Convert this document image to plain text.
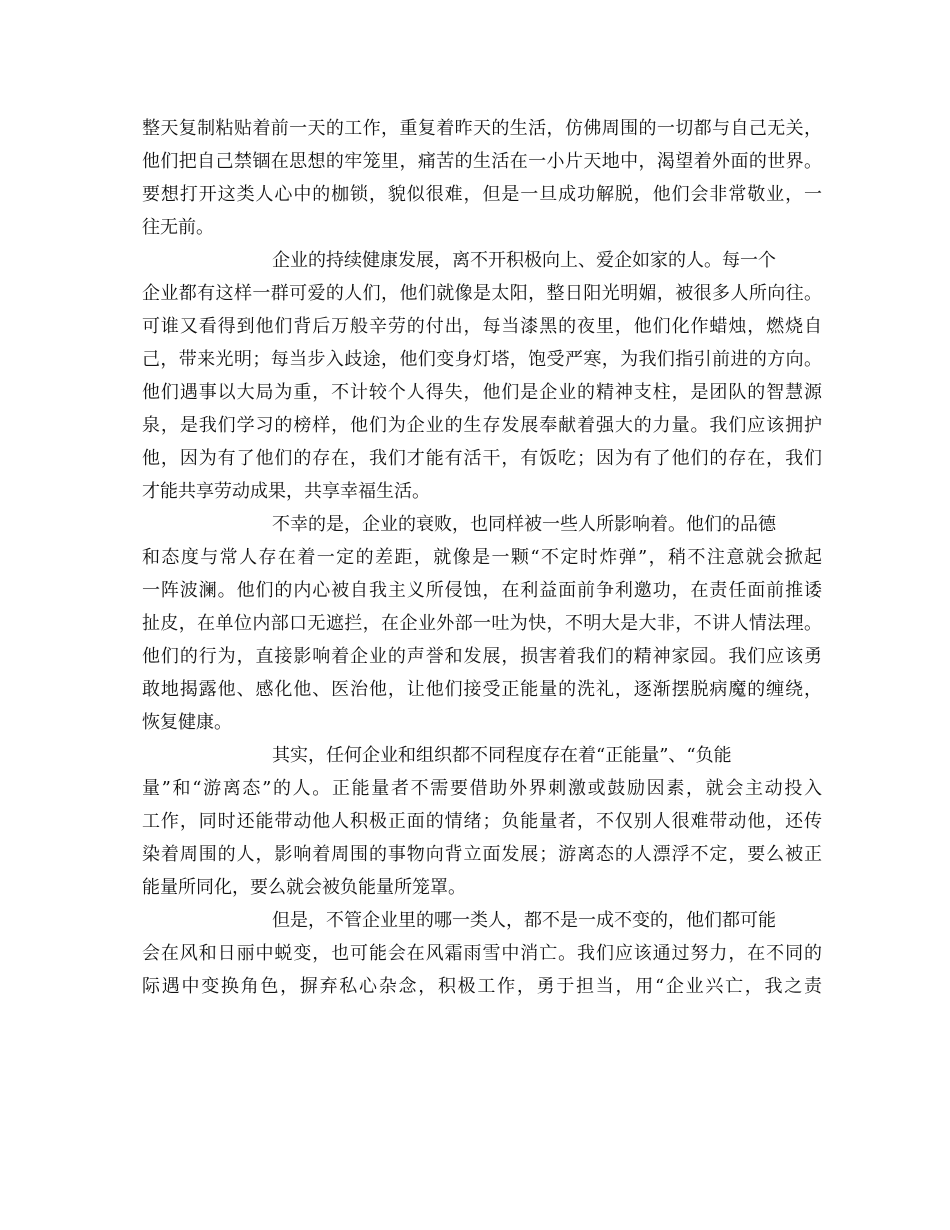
整天复制粘贴着前一天的工作，重复着昨天的生活，仿佛周围的一切都与自己无关，
他们把自己禁锢在思想的牢笼里，痛苦的生活在一小片天地中，渴望着外面的世界。
要想打开这类人心中的枷锁，貌似很难，但是一旦成功解脱，他们会非常敬业，一
往无前。
企业的持续健康发展，离不开积极向上、爱企如家的人。每一个
企业都有这样一群可爱的人们，他们就像是太阳，整日阳光明媚，被很多人所向往。
可谁又看得到他们背后万般辛劳的付出，每当漆黑的夜里，他们化作蜡烛，燃烧自
己，带来光明；每当步入歧途，他们变身灯塔，饱受严寒，为我们指引前进的方向。
他们遇事以大局为重，不计较个人得失，他们是企业的精神支柱，是团队的智慧源
泉，是我们学习的榜样，他们为企业的生存发展奉献着强大的力量。我们应该拥护
他，因为有了他们的存在，我们才能有活干，有饭吃；因为有了他们的存在，我们
才能共享劳动成果，共享幸福生活。
不幸的是，企业的衰败，也同样被一些人所影响着。他们的品德
和态度与常人存在着一定的差距，就像是一颗“不定时炸弹”，稍不注意就会掀起
一阵波澜。他们的内心被自我主义所侵蚀，在利益面前争利邀功，在责任面前推诿
扯皮，在单位内部口无遮拦，在企业外部一吐为快，不明大是大非，不讲人情法理。
他们的行为，直接影响着企业的声誉和发展，损害着我们的精神家园。我们应该勇
敢地揭露他、感化他、医治他，让他们接受正能量的洗礼，逐渐摆脱病魔的缠绕，
恢复健康。
其实，任何企业和组织都不同程度存在着“正能量”、“负能
量”和“游离态”的人。正能量者不需要借助外界刺激或鼓励因素，就会主动投入
工作，同时还能带动他人积极正面的情绪；负能量者，不仅别人很难带动他，还传
染着周围的人，影响着周围的事物向背立面发展；游离态的人漂浮不定，要么被正
能量所同化，要么就会被负能量所笼罩。
但是，不管企业里的哪一类人，都不是一成不变的，他们都可能
会在风和日丽中蜕变，也可能会在风霜雨雪中消亡。我们应该通过努力，在不同的
际遇中变换角色，摒弃私心杂念，积极工作，勇于担当，用“企业兴亡，我之责
